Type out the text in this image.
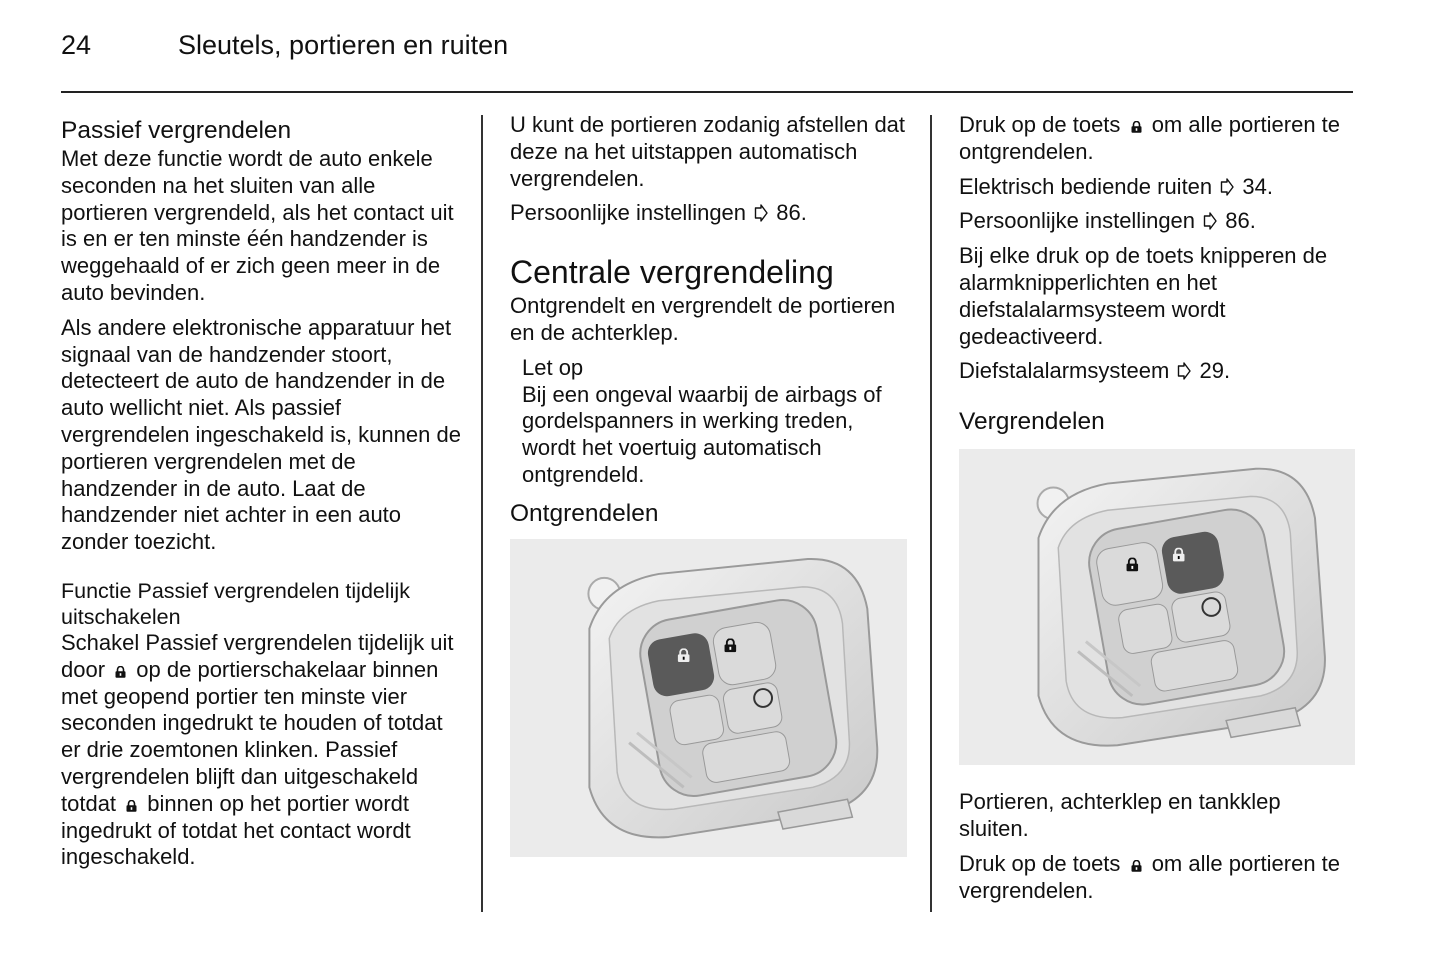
24	Sleutels, portieren en ruiten
Passief vergrendelen

Met deze functie wordt de auto enkele seconden na het sluiten van alle portieren vergrendeld, als het contact uit is en er ten minste één handzender is weggehaald of er zich geen meer in de auto bevinden.

Als andere elektronische apparatuur het signaal van de handzender stoort, detecteert de auto de handzender in de auto wellicht niet. Als passief vergrendelen ingeschakeld is, kunnen de portieren vergrendelen met de handzender in de auto. Laat de handzender niet achter in een auto zonder toezicht.

Functie Passief vergrendelen tijdelijk uitschakelen

Schakel Passief vergrendelen tijdelijk uit door op de portierschakelaar binnen met geopend portier ten minste vier seconden ingedrukt te houden of totdat er drie zoemtonen klinken. Passief vergrendelen blijft dan uitgeschakeld totdat binnen op het portier wordt ingedrukt of totdat het contact wordt ingeschakeld.

U kunt de portieren zodanig afstellen dat deze na het uitstappen automatisch vergrendelen.

Persoonlijke instellingen 86.

Centrale vergrendeling

Ontgrendelt en vergrendelt de portieren en de achterklep.

Let op
Bij een ongeval waarbij de airbags of gordelspanners in werking treden, wordt het voertuig automatisch ontgrendeld.
Ontgrendelen

Druk op de toets om alle portieren te ontgrendelen.

Elektrisch bediende ruiten 34.

Persoonlijke instellingen 86.

Bij elke druk op de toets knipperen de alarmknipperlichten en het diefstalalarmsysteem wordt gedeactiveerd.

Diefstalalarmsysteem 29.

Vergrendelen

Portieren, achterklep en tankklep sluiten.

Druk op de toets om alle portieren te vergrendelen.
